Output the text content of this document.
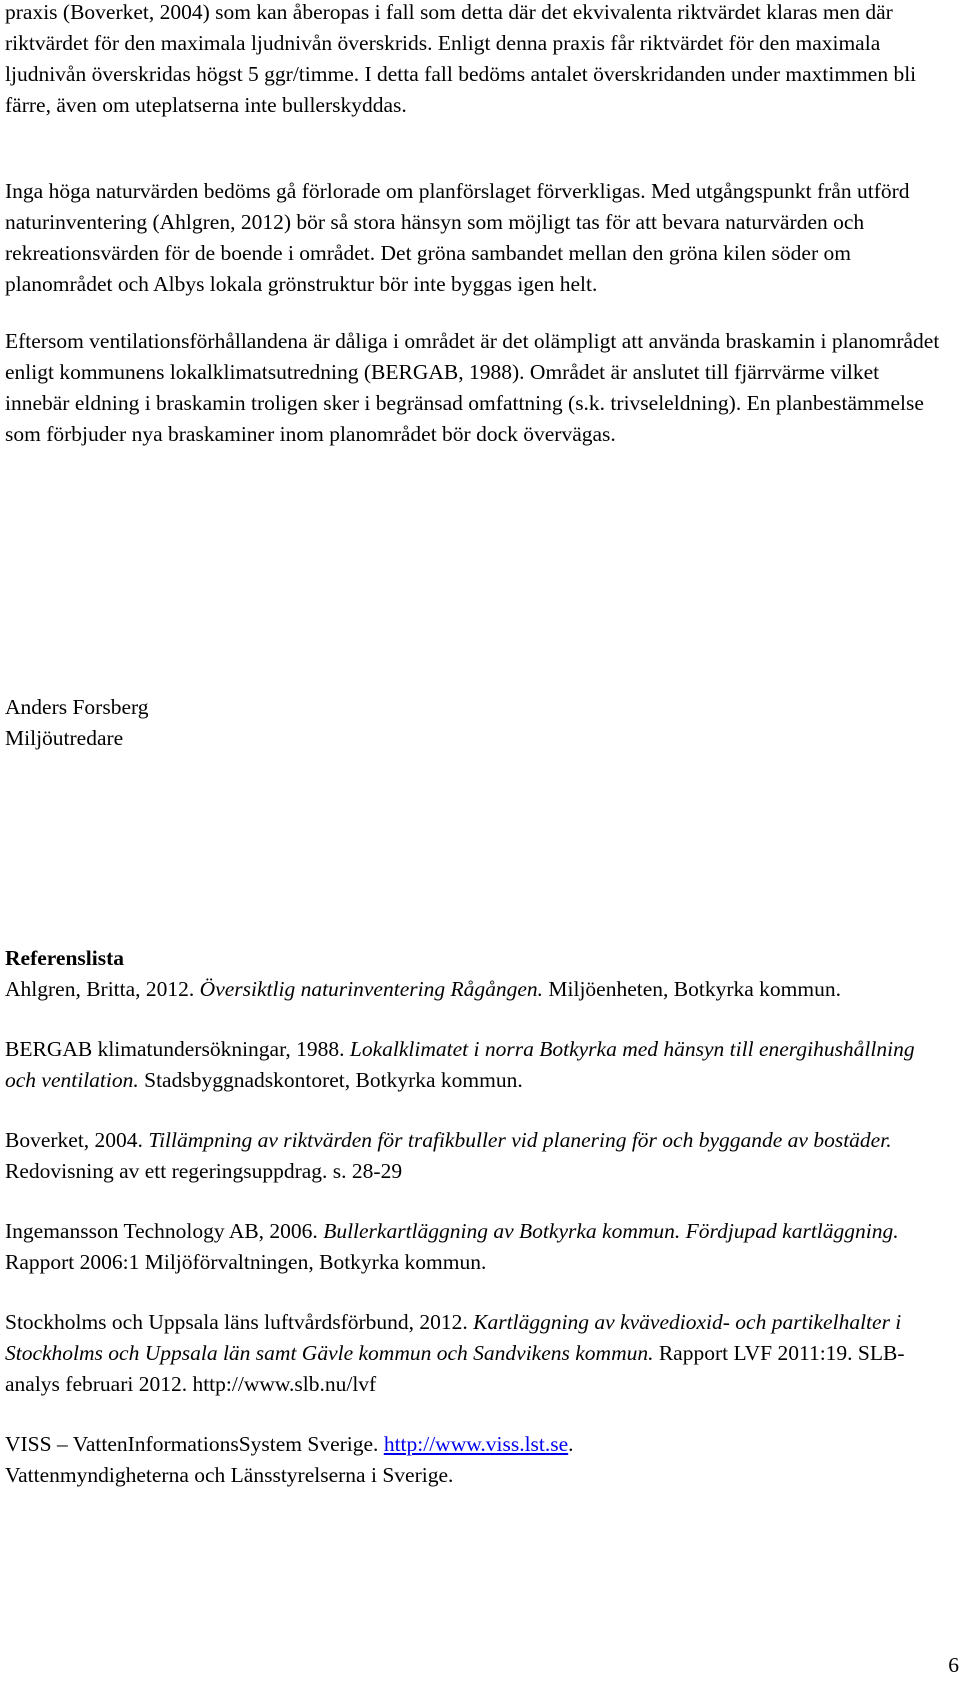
praxis (Boverket, 2004) som kan åberopas i fall som detta där det ekvivalenta riktvärdet klaras men där riktvärdet för den maximala ljudnivån överskrids. Enligt denna praxis får riktvärdet för den maximala ljudnivån överskridas högst 5 ggr/timme. I detta fall bedöms antalet överskridanden under maxtimmen bli färre, även om uteplatserna inte bullerskyddas.

Inga höga naturvärden bedöms gå förlorade om planförslaget förverkligas. Med utgångspunkt från utförd naturinventering (Ahlgren, 2012) bör så stora hänsyn som möjligt tas för att bevara naturvärden och rekreationsvärden för de boende i området. Det gröna sambandet mellan den gröna kilen söder om planområdet och Albys lokala grönstruktur bör inte byggas igen helt.

Eftersom ventilationsförhållandena är dåliga i området är det olämpligt att använda braskamin i planområdet enligt kommunens lokalklimatsutredning (BERGAB, 1988). Området är anslutet till fjärrvärme vilket innebär eldning i braskamin troligen sker i begränsad omfattning (s.k. trivseleldning). En planbestämmelse som förbjuder nya braskaminer inom planområdet bör dock övervägas.

Anders Forsberg
Miljöutredare
Referenslista
Ahlgren, Britta, 2012. Översiktlig naturinventering Rågången. Miljöenheten, Botkyrka kommun.
BERGAB klimatundersökningar, 1988. Lokalklimatet i norra Botkyrka med hänsyn till energihushållning och ventilation. Stadsbyggnadskontoret, Botkyrka kommun.
Boverket, 2004. Tillämpning av riktvärden för trafikbuller vid planering för och byggande av bostäder. Redovisning av ett regeringsuppdrag. s. 28-29
Ingemansson Technology AB, 2006. Bullerkartläggning av Botkyrka kommun. Fördjupad kartläggning. Rapport 2006:1 Miljöförvaltningen, Botkyrka kommun.
Stockholms och Uppsala läns luftvårdsförbund, 2012. Kartläggning av kvävedioxid- och partikelhalter i Stockholms och Uppsala län samt Gävle kommun och Sandvikens kommun. Rapport LVF 2011:19. SLB-analys februari 2012. http://www.slb.nu/lvf
VISS – VattenInformationsSystem Sverige. http://www.viss.lst.se.
Vattenmyndigheterna och Länsstyrelserna i Sverige.
6
